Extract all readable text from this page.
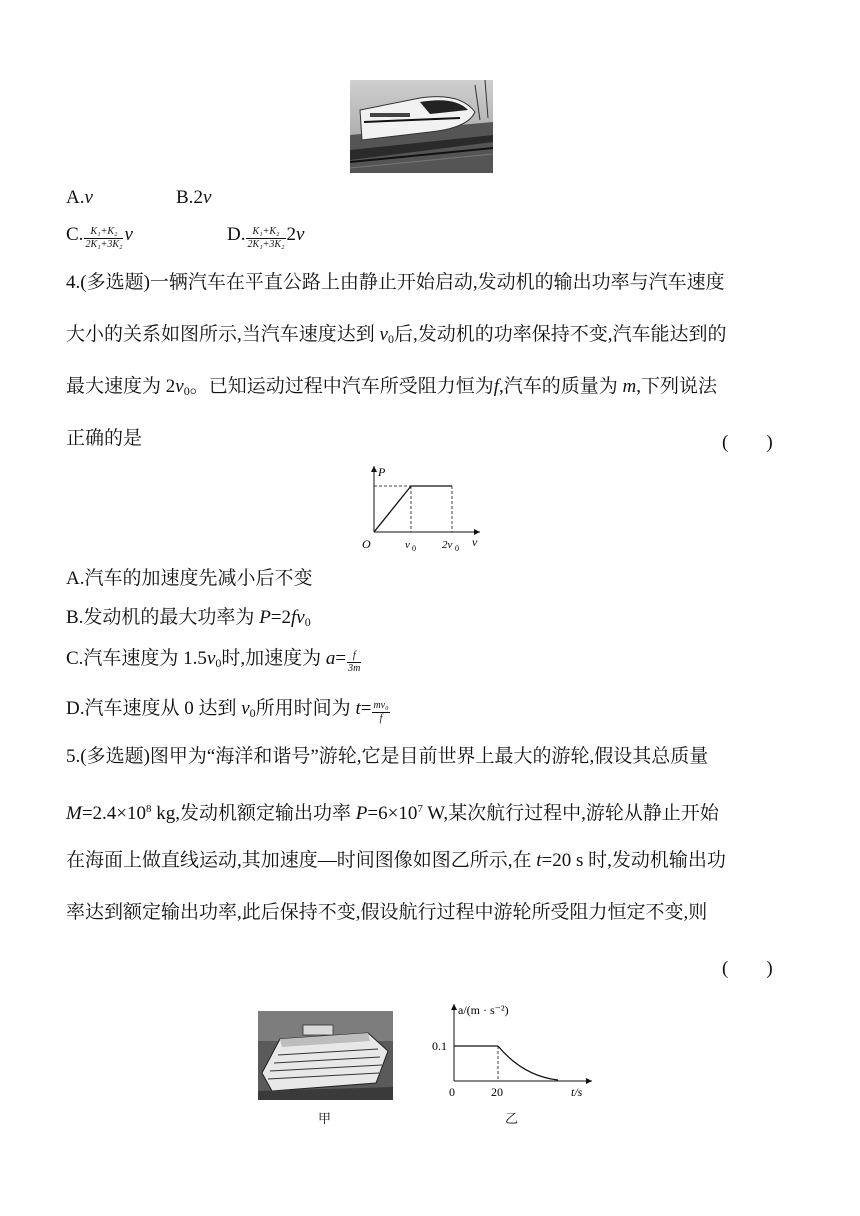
A.v	B.2v
C. $\frac{\text{K₁+K₂}}{\text{2K₁+3K₂}}$ v	D. $\frac{\text{K₁+K₂}}{\text{2K₁+3K₂}} 2v$
4.(多选题)一辆汽车在平直公路上由静止开始启动,发动机的输出功率与汽车速度
大小的关系如图所示,当汽车速度达到 $v_0$后,发动机的功率保持不变,汽车能达到的
最大速度为 $2v_0$。已知运动过程中汽车所受阻力恒为f,汽车的质量为 m,下列说法
正确的是	(　　)
P
v
O	v 0 2v 0
A.汽车的加速度先减小后不变
B.发动机的最大功率为 $P=2fv_0$
C.汽车速度为 $1.5v_0$时,加速度为 $a= \frac{f}{3m}$
D.汽车速度从 0 达到 $v_0$所用时间为 $t= \frac{\text{mv₀}}{f}$
5.(多选题)图甲为“海洋和谐号”游轮,它是目前世界上最大的游轮,假设其总质量
$M=2.4\times 10^8$ kg,发动机额定输出功率 $P=6\times 10^7$ W,某次航行过程中,游轮从静止开始
在海面上做直线运动,其加速度—时间图像如图乙所示,在 t=20 s 时,发动机输出功
率达到额定输出功率,此后保持不变,假设航行过程中游轮所受阻力恒定不变,则
(　　)
甲
a/(m · s⁻²)
0.1
0	20	t/s
乙
